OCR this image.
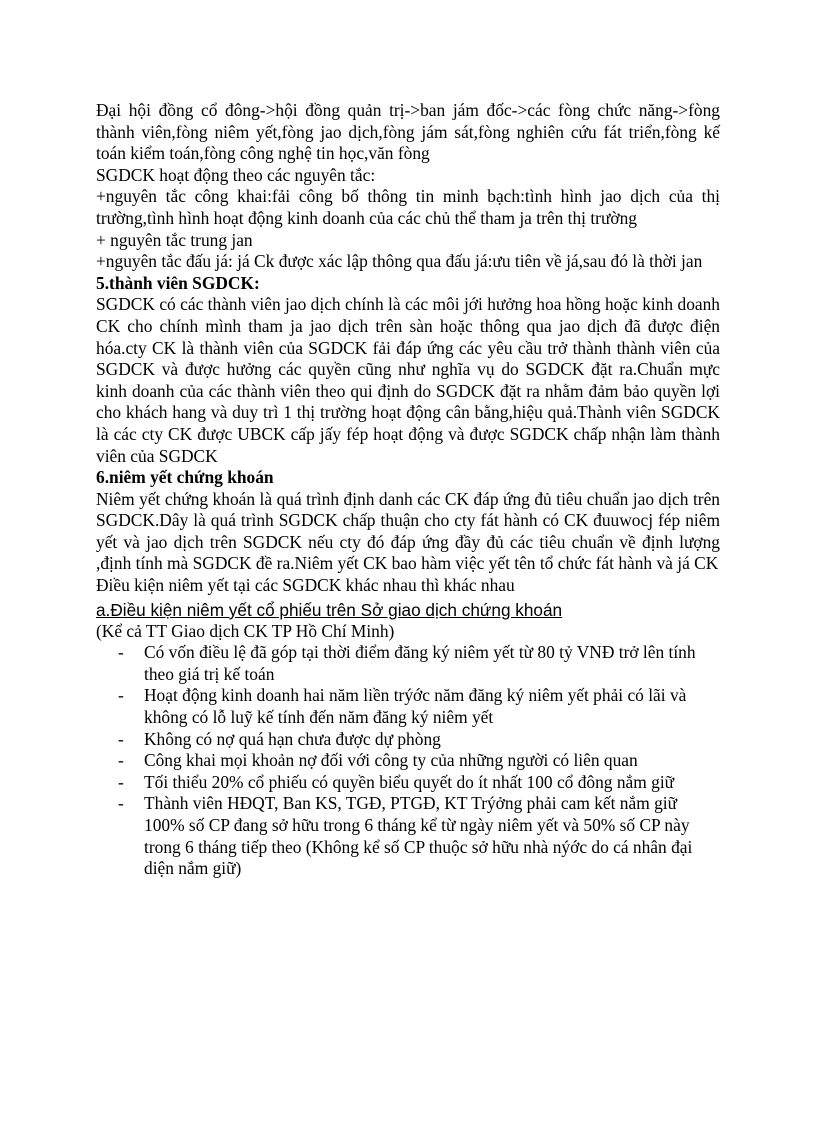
Đại hội đồng cổ đông->hội đồng quản trị->ban jám đốc->các fòng chức năng->fòng thành viên,fòng niêm yết,fòng jao dịch,fòng jám sát,fòng nghiên cứu fát triển,fòng kế toán kiểm toán,fòng công nghệ tin học,văn fòng

SGDCK hoạt động theo các nguyên tắc:

+nguyên tắc công khai:fải công bố thông tin minh bạch:tình hình jao dịch của thị trường,tình hình hoạt động kinh doanh của các chủ thể tham ja trên thị trường

+ nguyên tắc trung jan

+nguyên tắc đấu já: já Ck được xác lập thông qua đấu já:ưu tiên về já,sau đó là thời jan

5.thành viên SGDCK:

SGDCK có các thành viên jao dịch chính là các môi jới hưởng hoa hồng hoặc kinh doanh CK cho chính mình tham ja jao dịch trên sàn hoặc thông qua jao dịch đã được điện hóa.cty CK là thành viên của SGDCK fải đáp ứng các yêu cầu trở thành thành viên của SGDCK và được hưởng các quyền cũng như nghĩa vụ do SGDCK đặt ra.Chuẩn mực kinh doanh của các thành viên theo qui định do SGDCK đặt ra nhằm đảm bảo quyền lợi cho khách hang và duy trì 1 thị trường hoạt động cân bằng,hiệu quả.Thành viên SGDCK là các cty CK được UBCK cấp jấy fép hoạt động và được SGDCK chấp nhận làm thành viên của SGDCK

6.niêm yết chứng khoán

Niêm yết chứng khoán là quá trình định danh các CK đáp ứng đủ tiêu chuẩn jao dịch trên SGDCK.Dây là quá trình SGDCK chấp thuận cho cty fát hành có CK đuuwocj fép niêm yết và jao dịch trên SGDCK nếu cty đó đáp ứng đầy đủ các tiêu chuẩn về định lượng ,định tính mà SGDCK đề ra.Niêm yết CK bao hàm việc yết tên tổ chức fát hành và já CK

Điều kiện niêm yết tại các SGDCK khác nhau thì khác nhau

a.Điều kiện niêm yết cổ phiếu trên Sở giao dịch chứng khoán

(Kể cả TT Giao dịch CK TP Hồ Chí Minh)

- Có vốn điều lệ đã góp tại thời điểm đăng ký niêm yết từ 80 tỷ VNĐ trở lên tính theo giá trị kế toán
- Hoạt động kinh doanh hai năm liền trýớc năm đăng ký niêm yết phải có lãi và không có lỗ luỹ kế tính đến năm đăng ký niêm yết
- Không có nợ quá hạn chưa được dự phòng
- Công khai mọi khoản nợ đối với công ty của những người có liên quan
- Tối thiểu 20% cổ phiếu có quyền biểu quyết do ít nhất 100 cổ đông nắm giữ
- Thành viên HĐQT, Ban KS, TGĐ, PTGĐ, KT Trýởng phải cam kết nắm giữ 100% số CP đang sở hữu trong 6 tháng kể từ ngày niêm yết và 50% số CP này trong 6 tháng tiếp theo (Không kể số CP thuộc sở hữu nhà nýớc do cá nhân đại diện nắm giữ)
